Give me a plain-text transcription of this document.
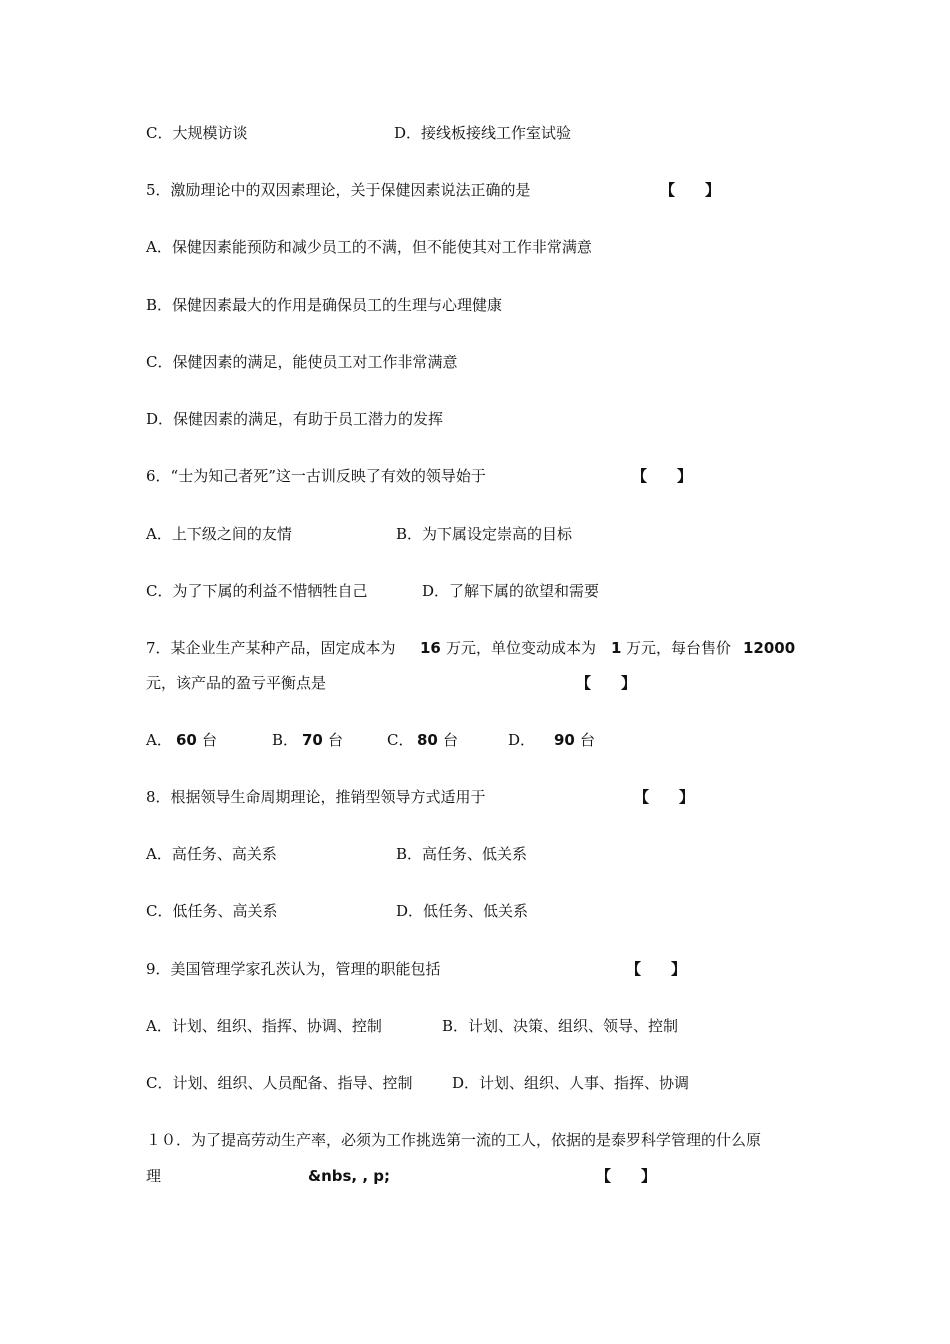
C．大规模访谈

	D．接线板接线工作室试验

5．激励理论中的双因素理论，关于保健因素说法正确的是

	【　　】

A．保健因素能预防和减少员工的不满，但不能使其对工作非常满意
B．保健因素最大的作用是确保员工的生理与心理健康
C．保健因素的满足，能使员工对工作非常满意
D．保健因素的满足，有助于员工潜力的发挥

6．“士为知己者死”这一古训反映了有效的领导始于

	【　　】

A．上下级之间的友情

	B．为下属设定崇高的目标

C．为了下属的利益不惜牺牲自己

	D．了解下属的欲望和需要

7．某企业生产某种产品，固定成本为

16

万元，单位变动成本为

1

万元，每台售价

12000

元，该产品的盈亏平衡点是

	【　　】

A．

60

台

	B．

70

台

	C．

80

台

	D．

90

台

8．根据领导生命周期理论，推销型领导方式适用于

	【　　】

A．高任务、高关系

	B．高任务、低关系

C．低任务、高关系

	D．低任务、低关系

9．美国管理学家孔茨认为，管理的职能包括

	【　　】

A．计划、组织、指挥、协调、控制

	B．计划、决策、组织、领导、控制

C．计划、组织、人员配备、指导、控制

	D．计划、组织、人事、指挥、协调

１０．为了提高劳动生产率，必须为工作挑选第一流的工人，依据的是泰罗科学管理的什么原

理

	&nbs, , p;

	【　　】
